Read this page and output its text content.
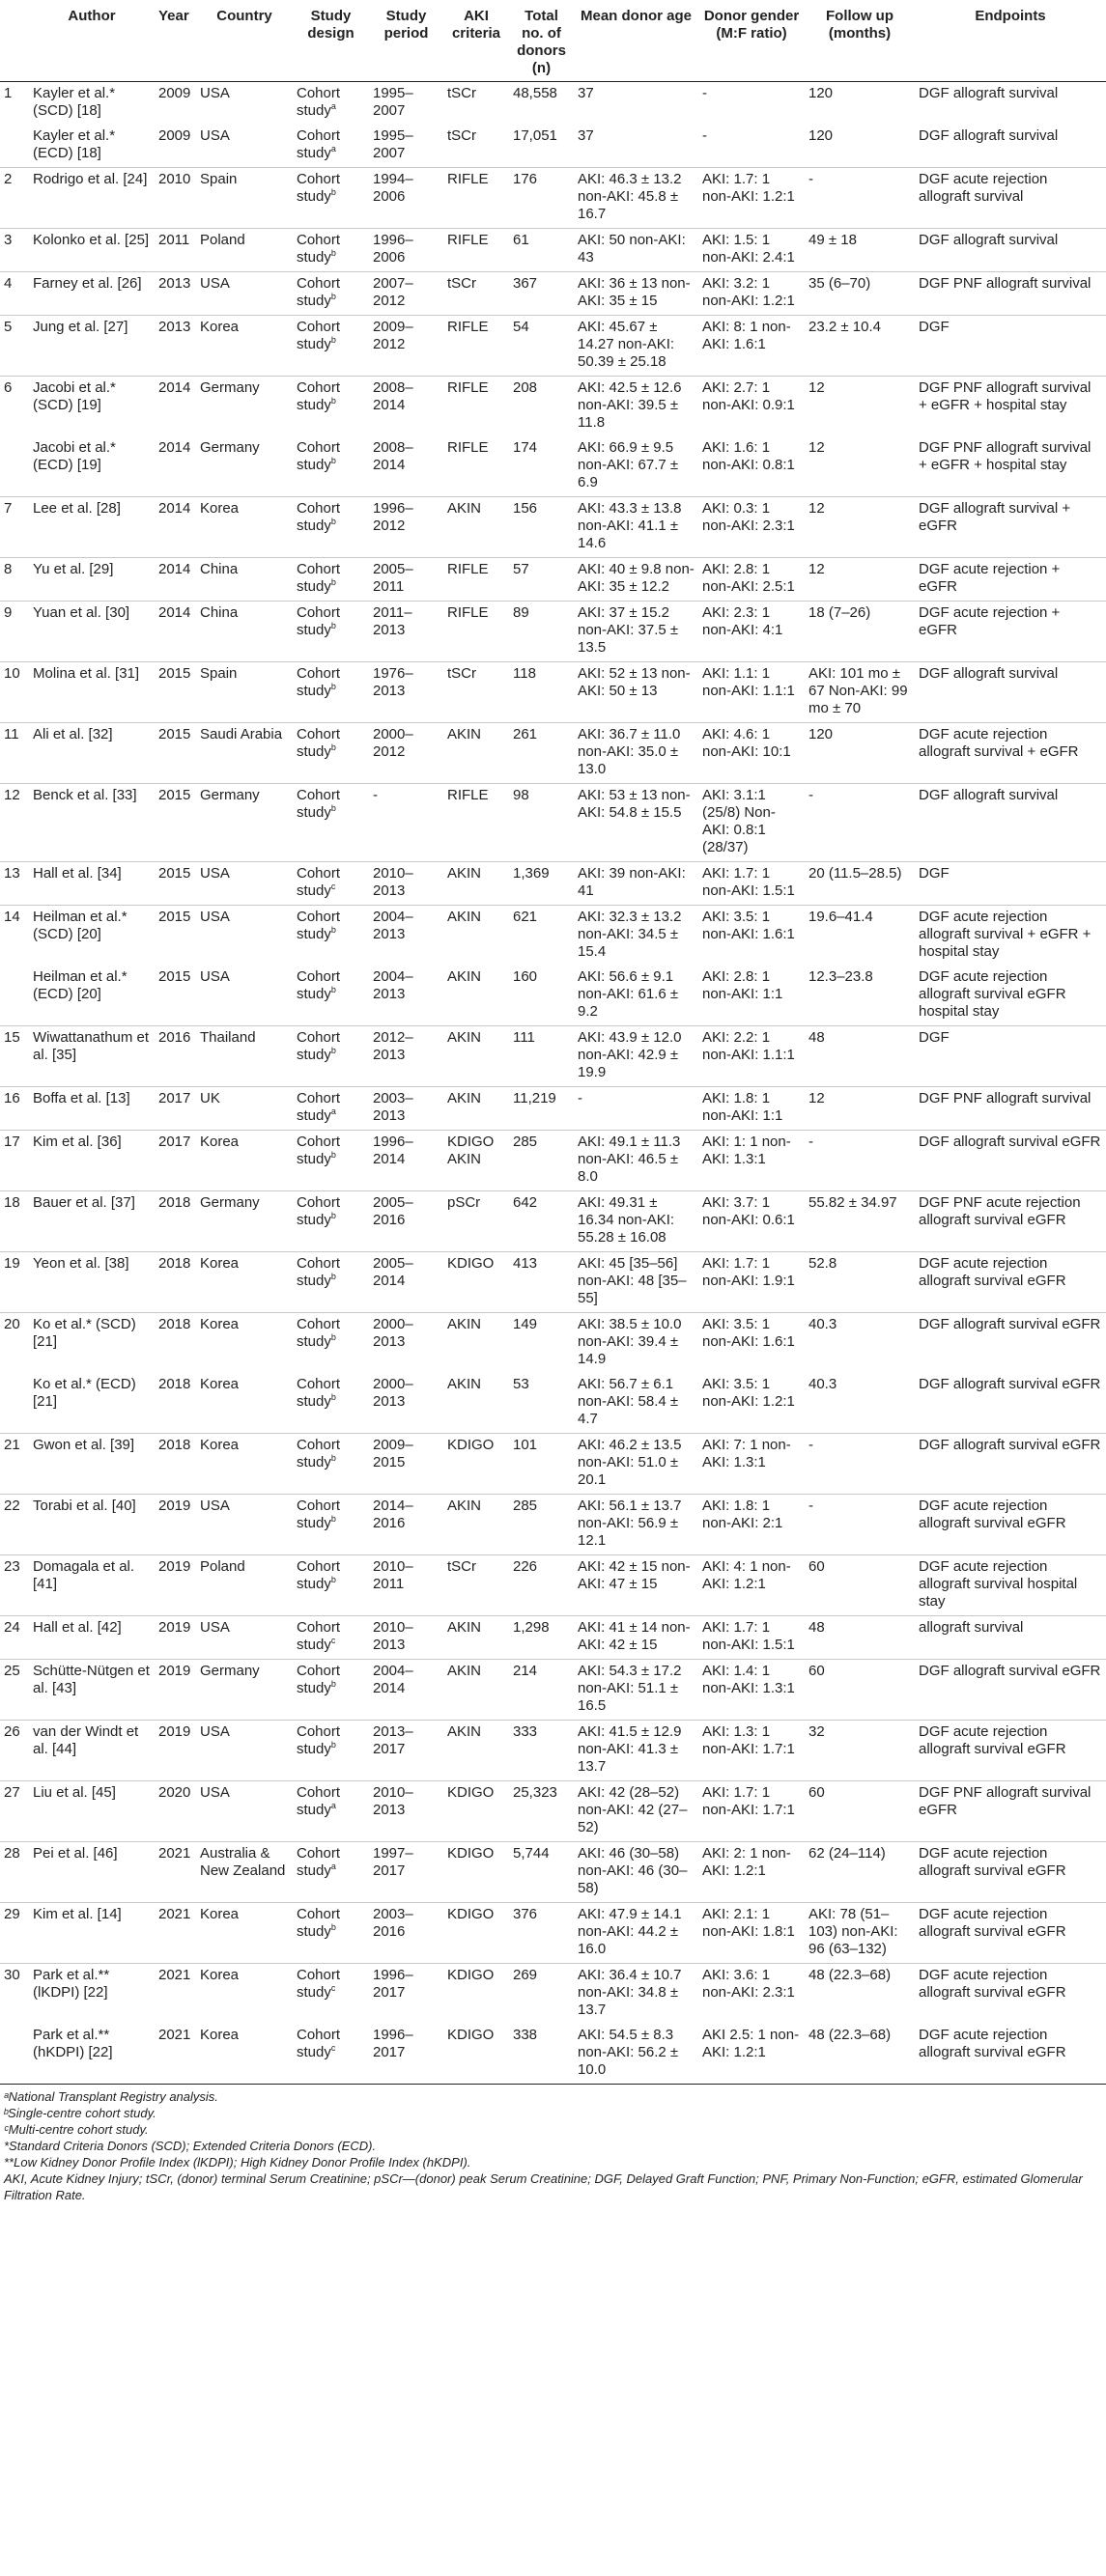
	Author	Year	Country	Study design	Study period	AKI criteria	Total no. of donors (n)	Mean donor age	Donor gender (M:F ratio)	Follow up (months)	Endpoints
1	Kayler et al.* (SCD) [18]	2009	USA	Cohort study$^a$	1995–2007	tSCr	48,558	37	-	120	DGF allograft survival
	Kayler et al.* (ECD) [18]	2009	USA	Cohort study$^a$	1995–2007	tSCr	17,051	37	-	120	DGF allograft survival
2	Rodrigo et al. [24]	2010	Spain	Cohort study$^b$	1994–2006	RIFLE	176	AKI: 46.3 ± 13.2 non-AKI: 45.8 ± 16.7	AKI: 1.7: 1 non-AKI: 1.2:1	-	DGF acute rejection allograft survival
3	Kolonko et al. [25]	2011	Poland	Cohort study$^b$	1996–2006	RIFLE	61	AKI: 50 non-AKI: 43	AKI: 1.5: 1 non-AKI: 2.4:1	49 ± 18	DGF allograft survival
4	Farney et al. [26]	2013	USA	Cohort study$^b$	2007–2012	tSCr	367	AKI: 36 ± 13 non-AKI: 35 ± 15	AKI: 3.2: 1 non-AKI: 1.2:1	35 (6–70)	DGF PNF allograft survival
5	Jung et al. [27]	2013	Korea	Cohort study$^b$	2009–2012	RIFLE	54	AKI: 45.67 ± 14.27 non-AKI: 50.39 ± 25.18	AKI: 8: 1 non-AKI: 1.6:1	23.2 ± 10.4	DGF
6	Jacobi et al.* (SCD) [19]	2014	Germany	Cohort study$^b$	2008–2014	RIFLE	208	AKI: 42.5 ± 12.6 non-AKI: 39.5 ± 11.8	AKI: 2.7: 1 non-AKI: 0.9:1	12	DGF PNF allograft survival + eGFR + hospital stay
	Jacobi et al.* (ECD) [19]	2014	Germany	Cohort study$^b$	2008–2014	RIFLE	174	AKI: 66.9 ± 9.5 non-AKI: 67.7 ± 6.9	AKI: 1.6: 1 non-AKI: 0.8:1	12	DGF PNF allograft survival + eGFR + hospital stay
7	Lee et al. [28]	2014	Korea	Cohort study$^b$	1996–2012	AKIN	156	AKI: 43.3 ± 13.8 non-AKI: 41.1 ± 14.6	AKI: 0.3: 1 non-AKI: 2.3:1	12	DGF allograft survival + eGFR
8	Yu et al. [29]	2014	China	Cohort study$^b$	2005–2011	RIFLE	57	AKI: 40 ± 9.8 non-AKI: 35 ± 12.2	AKI: 2.8: 1 non-AKI: 2.5:1	12	DGF acute rejection + eGFR
9	Yuan et al. [30]	2014	China	Cohort study$^b$	2011–2013	RIFLE	89	AKI: 37 ± 15.2 non-AKI: 37.5 ± 13.5	AKI: 2.3: 1 non-AKI: 4:1	18 (7–26)	DGF acute rejection + eGFR
10	Molina et al. [31]	2015	Spain	Cohort study$^b$	1976–2013	tSCr	118	AKI: 52 ± 13 non-AKI: 50 ± 13	AKI: 1.1: 1 non-AKI: 1.1:1	AKI: 101 mo ± 67 Non-AKI: 99 mo ± 70	DGF allograft survival
11	Ali et al. [32]	2015	Saudi Arabia	Cohort study$^b$	2000–2012	AKIN	261	AKI: 36.7 ± 11.0 non-AKI: 35.0 ± 13.0	AKI: 4.6: 1 non-AKI: 10:1	120	DGF acute rejection allograft survival + eGFR
12	Benck et al. [33]	2015	Germany	Cohort study$^b$	-	RIFLE	98	AKI: 53 ± 13 non-AKI: 54.8 ± 15.5	AKI: 3.1:1 (25/8) Non-AKI: 0.8:1 (28/37)	-	DGF allograft survival
13	Hall et al. [34]	2015	USA	Cohort study$^c$	2010–2013	AKIN	1,369	AKI: 39 non-AKI: 41	AKI: 1.7: 1 non-AKI: 1.5:1	20 (11.5–28.5)	DGF
14	Heilman et al.* (SCD) [20]	2015	USA	Cohort study$^b$	2004–2013	AKIN	621	AKI: 32.3 ± 13.2 non-AKI: 34.5 ± 15.4	AKI: 3.5: 1 non-AKI: 1.6:1	19.6–41.4	DGF acute rejection allograft survival + eGFR + hospital stay
	Heilman et al.* (ECD) [20]	2015	USA	Cohort study$^b$	2004–2013	AKIN	160	AKI: 56.6 ± 9.1 non-AKI: 61.6 ± 9.2	AKI: 2.8: 1 non-AKI: 1:1	12.3–23.8	DGF acute rejection allograft survival eGFR hospital stay
15	Wiwattanathum et al. [35]	2016	Thailand	Cohort study$^b$	2012–2013	AKIN	111	AKI: 43.9 ± 12.0 non-AKI: 42.9 ± 19.9	AKI: 2.2: 1 non-AKI: 1.1:1	48	DGF
16	Boffa et al. [13]	2017	UK	Cohort study$^a$	2003–2013	AKIN	11,219	-	AKI: 1.8: 1 non-AKI: 1:1	12	DGF PNF allograft survival
17	Kim et al. [36]	2017	Korea	Cohort study$^b$	1996–2014	KDIGO AKIN	285	AKI: 49.1 ± 11.3 non-AKI: 46.5 ± 8.0	AKI: 1: 1 non-AKI: 1.3:1	-	DGF allograft survival eGFR
18	Bauer et al. [37]	2018	Germany	Cohort study$^b$	2005–2016	pSCr	642	AKI: 49.31 ± 16.34 non-AKI: 55.28 ± 16.08	AKI: 3.7: 1 non-AKI: 0.6:1	55.82 ± 34.97	DGF PNF acute rejection allograft survival eGFR
19	Yeon et al. [38]	2018	Korea	Cohort study$^b$	2005–2014	KDIGO	413	AKI: 45 [35–56] non-AKI: 48 [35–55]	AKI: 1.7: 1 non-AKI: 1.9:1	52.8	DGF acute rejection allograft survival eGFR
20	Ko et al.* (SCD) [21]	2018	Korea	Cohort study$^b$	2000–2013	AKIN	149	AKI: 38.5 ± 10.0 non-AKI: 39.4 ± 14.9	AKI: 3.5: 1 non-AKI: 1.6:1	40.3	DGF allograft survival eGFR
	Ko et al.* (ECD) [21]	2018	Korea	Cohort study$^b$	2000–2013	AKIN	53	AKI: 56.7 ± 6.1 non-AKI: 58.4 ± 4.7	AKI: 3.5: 1 non-AKI: 1.2:1	40.3	DGF allograft survival eGFR
21	Gwon et al. [39]	2018	Korea	Cohort study$^b$	2009–2015	KDIGO	101	AKI: 46.2 ± 13.5 non-AKI: 51.0 ± 20.1	AKI: 7: 1 non-AKI: 1.3:1	-	DGF allograft survival eGFR
22	Torabi et al. [40]	2019	USA	Cohort study$^b$	2014–2016	AKIN	285	AKI: 56.1 ± 13.7 non-AKI: 56.9 ± 12.1	AKI: 1.8: 1 non-AKI: 2:1	-	DGF acute rejection allograft survival eGFR
23	Domagala et al. [41]	2019	Poland	Cohort study$^b$	2010–2011	tSCr	226	AKI: 42 ± 15 non-AKI: 47 ± 15	AKI: 4: 1 non-AKI: 1.2:1	60	DGF acute rejection allograft survival hospital stay
24	Hall et al. [42]	2019	USA	Cohort study$^c$	2010–2013	AKIN	1,298	AKI: 41 ± 14 non-AKI: 42 ± 15	AKI: 1.7: 1 non-AKI: 1.5:1	48	allograft survival
25	Schütte-Nütgen et al. [43]	2019	Germany	Cohort study$^b$	2004–2014	AKIN	214	AKI: 54.3 ± 17.2 non-AKI: 51.1 ± 16.5	AKI: 1.4: 1 non-AKI: 1.3:1	60	DGF allograft survival eGFR
26	van der Windt et al. [44]	2019	USA	Cohort study$^b$	2013–2017	AKIN	333	AKI: 41.5 ± 12.9 non-AKI: 41.3 ± 13.7	AKI: 1.3: 1 non-AKI: 1.7:1	32	DGF acute rejection allograft survival eGFR
27	Liu et al. [45]	2020	USA	Cohort study$^a$	2010–2013	KDIGO	25,323	AKI: 42 (28–52) non-AKI: 42 (27–52)	AKI: 1.7: 1 non-AKI: 1.7:1	60	DGF PNF allograft survival eGFR
28	Pei et al. [46]	2021	Australia & New Zealand	Cohort study$^a$	1997–2017	KDIGO	5,744	AKI: 46 (30–58) non-AKI: 46 (30–58)	AKI: 2: 1 non-AKI: 1.2:1	62 (24–114)	DGF acute rejection allograft survival eGFR
29	Kim et al. [14]	2021	Korea	Cohort study$^b$	2003–2016	KDIGO	376	AKI: 47.9 ± 14.1 non-AKI: 44.2 ± 16.0	AKI: 2.1: 1 non-AKI: 1.8:1	AKI: 78 (51–103) non-AKI: 96 (63–132)	DGF acute rejection allograft survival eGFR
30	Park et al.** (lKDPI) [22]	2021	Korea	Cohort study$^c$	1996–2017	KDIGO	269	AKI: 36.4 ± 10.7 non-AKI: 34.8 ± 13.7	AKI: 3.6: 1 non-AKI: 2.3:1	48 (22.3–68)	DGF acute rejection allograft survival eGFR
	Park et al.** (hKDPI) [22]	2021	Korea	Cohort study$^c$	1996–2017	KDIGO	338	AKI: 54.5 ± 8.3 non-AKI: 56.2 ± 10.0	AKI 2.5: 1 non-AKI: 1.2:1	48 (22.3–68)	DGF acute rejection allograft survival eGFR
ᵃNational Transplant Registry analysis.
ᵇSingle-centre cohort study.
ᶜMulti-centre cohort study.
*Standard Criteria Donors (SCD); Extended Criteria Donors (ECD).
**Low Kidney Donor Profile Index (lKDPI); High Kidney Donor Profile Index (hKDPI).
AKI, Acute Kidney Injury; tSCr, (donor) terminal Serum Creatinine; pSCr—(donor) peak Serum Creatinine; DGF, Delayed Graft Function; PNF, Primary Non-Function; eGFR, estimated Glomerular Filtration Rate.
